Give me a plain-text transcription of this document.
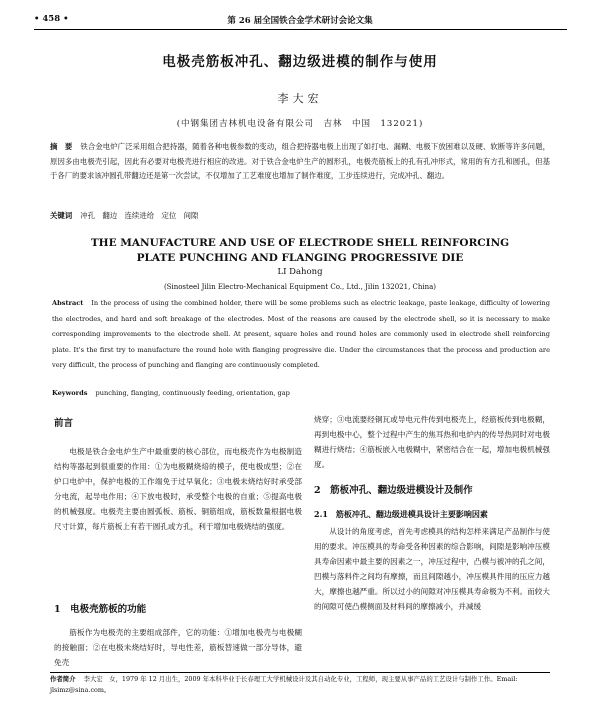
• 458 •	第 26 届全国铁合金学术研讨会论文集
电极壳筋板冲孔、翻边级进模的制作与使用
李大宏
(中钢集团吉林机电设备有限公司　吉林　中国　132021)
摘　要 铁合金电炉广泛采用组合把持器，随着各种电极参数的变动，组合把持器电极上出现了如打电、漏糊、电极下放困难以及硬、软断等许多问题，原因多由电极壳引起，因此有必要对电极壳进行相应的改进。对于铁合金电炉生产的圆形孔，电极壳筋板上的孔有孔冲形式，常用的有方孔和圆孔，但基于各厂的要求该冲圆孔带翻边还是第一次尝试，不仅增加了工艺难度也增加了制作难度，工步连续进行，完成冲孔、翻边。
关键词 冲孔　翻边　连续进给　定位　间隙
THE MANUFACTURE AND USE OF ELECTRODE SHELL REINFORCING
PLATE PUNCHING AND FLANGING PROGRESSIVE DIE
LI Dahong
(Sinosteel Jilin Electro-Mechanical Equipment Co., Ltd., Jilin 132021, China)
Abstract In the process of using the combined holder, there will be some problems such as electric leakage, paste leakage, difficulty of lowering the electrodes, and hard and soft breakage of the electrodes. Most of the reasons are caused by the electrode shell, so it is necessary to make corresponding improvements to the electrode shell. At present, square holes and round holes are commonly used in electrode shell reinforcing plate. It's the first try to manufacture the round hole with flanging progressive die. Under the circumstances that the process and production are very difficult, the process of punching and flanging are continuously completed.
Keywords punching, flanging, continuously feeding, orientation, gap
前言
电极是铁合金电炉生产中最重要的核心部位，而电极壳作为电极制造结构等器起到很重要的作用：①为电极糊烧焙的模子，使电极成型；②在炉口电炉中，保护电极的工作端免于过早氧化；③电极未烧结好时承受部分电流，起导电作用；④下放电极时，承受整个电极的自重；⑤提高电极的机械强度。电极壳主要由圆弧板、筋板、铜筋组成，筋板数量根据电极尺寸计算，每片筋板上有若干圆孔或方孔，利于增加电极烧结的强度。
1　电极壳筋板的功能
筋板作为电极壳的主要组成部件，它的功能：①增加电极壳与电极糊的接触面；②在电极未烧结好时，导电性差，筋板替速做一部分导体，避免壳
烧穿；③电流要经铜瓦或导电元件传到电极壳上，经筋板传到电极糊，再到电极中心，整个过程中产生的焦耳热和电炉内的传导热同时对电极糊进行烧结；④筋板嵌入电极糊中，紧密结合在一起，增加电极机械强度。
2　筋板冲孔、翻边级进模设计及制作
2.1　筋板冲孔、翻边级进模具设计主要影响因素
从设计的角度考虑，首先考虑模具的结构怎样来满足产品制作与使用的要求。冲压模具的寿命受各种因素的综合影响，间隙是影响冲压模具寿命因素中最主要的因素之一，冲压过程中，凸模与被冲的孔之间，凹模与落料件之间均有摩擦，而且间隙越小，冲压模具件用的压应力越大，摩擦也越严重。所以过小的间隙对冲压模具寿命极为不利。而较大的间隙可使凸模侧面及材料间的摩擦减小，并减缓
作者简介 李大宏　女，1979 年 12 月出生，2009 年本科毕业于长春理工大学机械设计及其自动化专业，工程师，现主要从事产品的工艺设计与制作工作。Email: jlsimz@sina.com。
